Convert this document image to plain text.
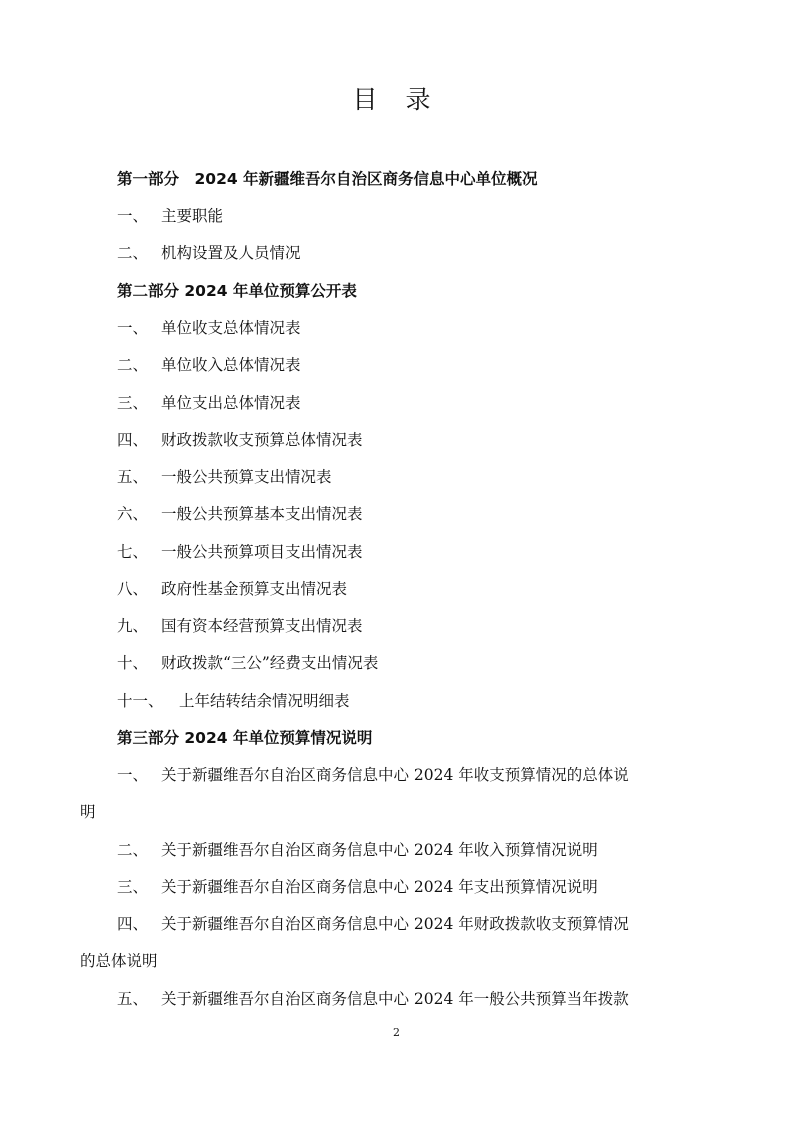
目 录
第一部分　2024 年新疆维吾尔自治区商务信息中心单位概况
一、 主要职能
二、 机构设置及人员情况
第二部分 2024 年单位预算公开表
一、 单位收支总体情况表
二、 单位收入总体情况表
三、 单位支出总体情况表
四、 财政拨款收支预算总体情况表
五、 一般公共预算支出情况表
六、 一般公共预算基本支出情况表
七、 一般公共预算项目支出情况表
八、 政府性基金预算支出情况表
九、 国有资本经营预算支出情况表
十、 财政拨款“三公”经费支出情况表
十一、 上年结转结余情况明细表
第三部分 2024 年单位预算情况说明
一、 关于新疆维吾尔自治区商务信息中心 2024 年收支预算情况的总体说
明
二、 关于新疆维吾尔自治区商务信息中心 2024 年收入预算情况说明
三、 关于新疆维吾尔自治区商务信息中心 2024 年支出预算情况说明
四、 关于新疆维吾尔自治区商务信息中心 2024 年财政拨款收支预算情况
的总体说明
五、 关于新疆维吾尔自治区商务信息中心 2024 年一般公共预算当年拨款
2
